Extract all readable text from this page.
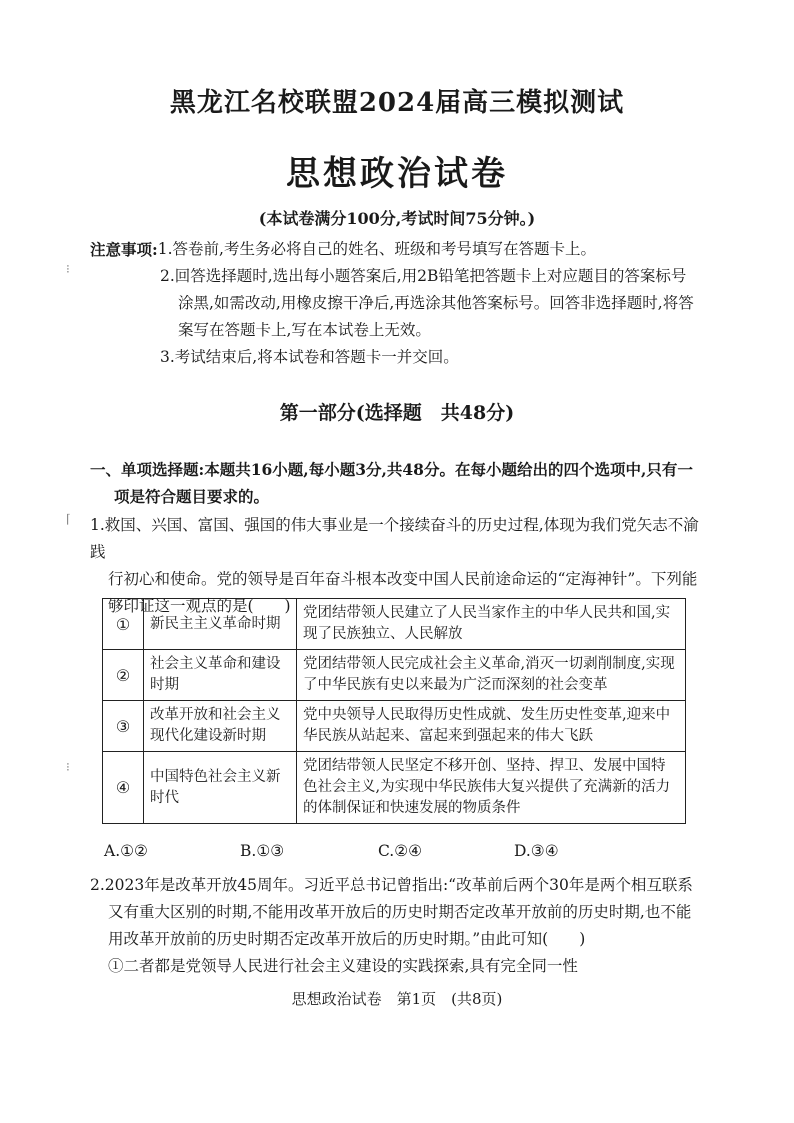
⁝
⌈
⁝
黑龙江名校联盟2024届高三模拟测试
思想政治试卷
(本试卷满分100分,考试时间75分钟。)
注意事项: 1.答卷前,考生务必将自己的姓名、班级和考号填写在答题卡上。
2.回答选择题时,选出每小题答案后,用2B铅笔把答题卡上对应题目的答案标号
涂黑,如需改动,用橡皮擦干净后,再选涂其他答案标号。回答非选择题时,将答
案写在答题卡上,写在本试卷上无效。
3.考试结束后,将本试卷和答题卡一并交回。
第一部分(选择题　共48分)
一、单项选择题:本题共16小题,每小题3分,共48分。在每小题给出的四个选项中,只有一
项是符合题目要求的。
1.救国、兴国、富国、强国的伟大事业是一个接续奋斗的历史过程,体现为我们党矢志不渝践
行初心和使命。党的领导是百年奋斗根本改变中国人民前途命运的“定海神针”。下列能
够印证这一观点的是(　　)
①	新民主主义革命时期	党团结带领人民建立了人民当家作主的中华人民共和国,实现了民族独立、人民解放
②	社会主义革命和建设时期	党团结带领人民完成社会主义革命,消灭一切剥削制度,实现了中华民族有史以来最为广泛而深刻的社会变革
③	改革开放和社会主义现代化建设新时期	党中央领导人民取得历史性成就、发生历史性变革,迎来中华民族从站起来、富起来到强起来的伟大飞跃
④	中国特色社会主义新时代	党团结带领人民坚定不移开创、坚持、捍卫、发展中国特色社会主义,为实现中华民族伟大复兴提供了充满新的活力的体制保证和快速发展的物质条件
A.①②	B.①③	C.②④	D.③④
2.2023年是改革开放45周年。习近平总书记曾指出:“改革前后两个30年是两个相互联系
又有重大区别的时期,不能用改革开放后的历史时期否定改革开放前的历史时期,也不能
用改革开放前的历史时期否定改革开放后的历史时期。”由此可知(　　)
①二者都是党领导人民进行社会主义建设的实践探索,具有完全同一性
思想政治试卷　第1页　(共8页)
